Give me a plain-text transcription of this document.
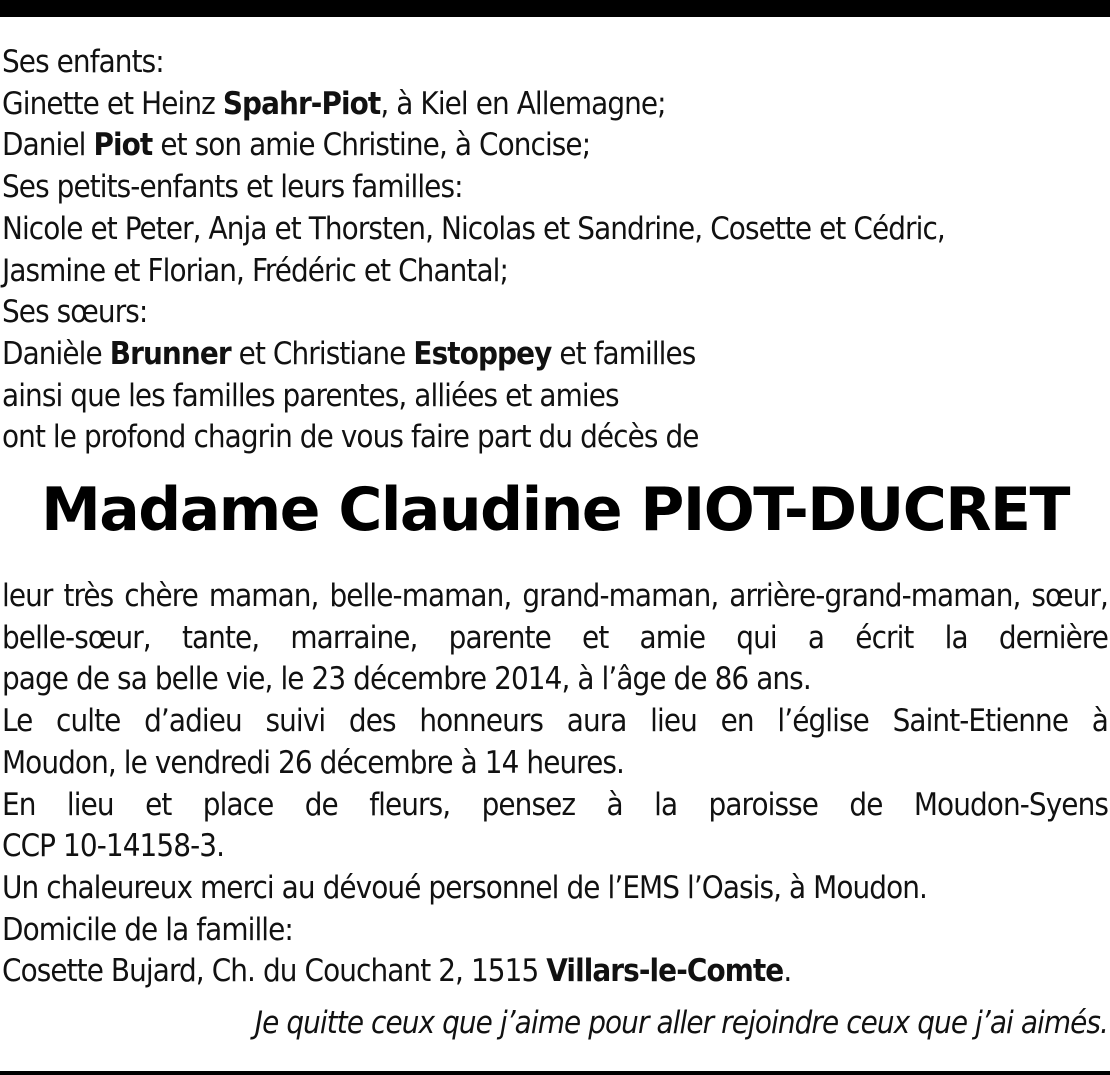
Ses enfants:

Ginette et Heinz Spahr-Piot, à Kiel en Allemagne;

Daniel Piot et son amie Christine, à Concise;

Ses petits-enfants et leurs familles:

Nicole et Peter, Anja et Thorsten, Nicolas et Sandrine, Cosette et Cédric,

Jasmine et Florian, Frédéric et Chantal;

Ses sœurs:

Danièle Brunner et Christiane Estoppey et familles

ainsi que les familles parentes, alliées et amies

ont le profond chagrin de vous faire part du décès de

Madame Claudine PIOT-DUCRET

leur très chère maman, belle-maman, grand-maman, arrière-grand-maman, sœur, belle-sœur, tante, marraine, parente et amie qui a écrit la dernière

page de sa belle vie, le 23 décembre 2014, à l’âge de 86 ans.

Le culte d’adieu suivi des honneurs aura lieu en l’église Saint-Etienne à

Moudon, le vendredi 26 décembre à 14 heures.

En lieu et place de fleurs, pensez à la paroisse de Moudon-Syens

CCP 10-14158-3.

Un chaleureux merci au dévoué personnel de l’EMS l’Oasis, à Moudon.

Domicile de la famille:

Cosette Bujard, Ch. du Couchant 2, 1515 Villars-le-Comte.

Je quitte ceux que j’aime pour aller rejoindre ceux que j’ai aimés.
